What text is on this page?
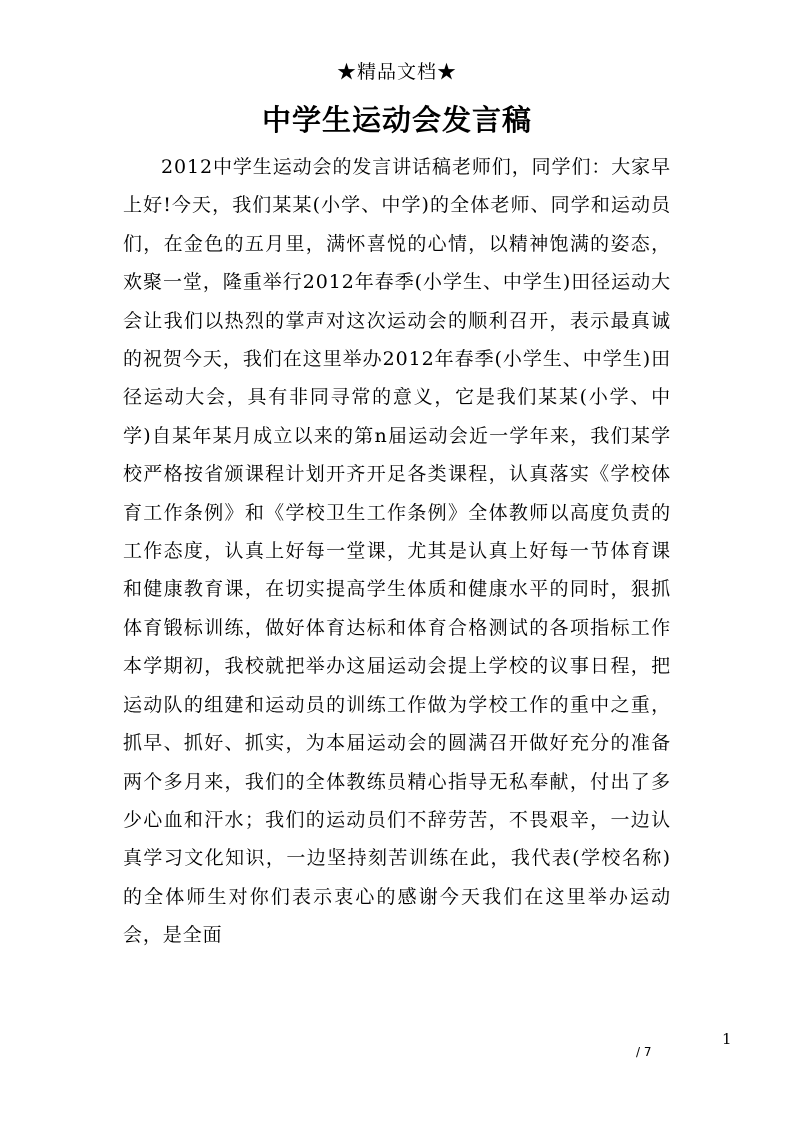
★精品文档★
中学生运动会发言稿

2012中学生运动会的发言讲话稿老师们，同学们：大家早上好!今天，我们某某(小学、中学)的全体老师、同学和运动员们，在金色的五月里，满怀喜悦的心情，以精神饱满的姿态，欢聚一堂，隆重举行2012年春季(小学生、中学生)田径运动大会让我们以热烈的掌声对这次运动会的顺利召开，表示最真诚的祝贺今天，我们在这里举办2012年春季(小学生、中学生)田径运动大会，具有非同寻常的意义，它是我们某某(小学、中学)自某年某月成立以来的第n届运动会近一学年来，我们某学校严格按省颁课程计划开齐开足各类课程，认真落实《学校体育工作条例》和《学校卫生工作条例》全体教师以高度负责的工作态度，认真上好每一堂课，尤其是认真上好每一节体育课和健康教育课，在切实提高学生体质和健康水平的同时，狠抓体育锻标训练，做好体育达标和体育合格测试的各项指标工作本学期初，我校就把举办这届运动会提上学校的议事日程，把运动队的组建和运动员的训练工作做为学校工作的重中之重，抓早、抓好、抓实，为本届运动会的圆满召开做好充分的准备两个多月来，我们的全体教练员精心指导无私奉献，付出了多少心血和汗水；我们的运动员们不辞劳苦，不畏艰辛，一边认真学习文化知识，一边坚持刻苦训练在此，我代表(学校名称)的全体师生对你们表示衷心的感谢今天我们在这里举办运动会，是全面

1
/ 7
